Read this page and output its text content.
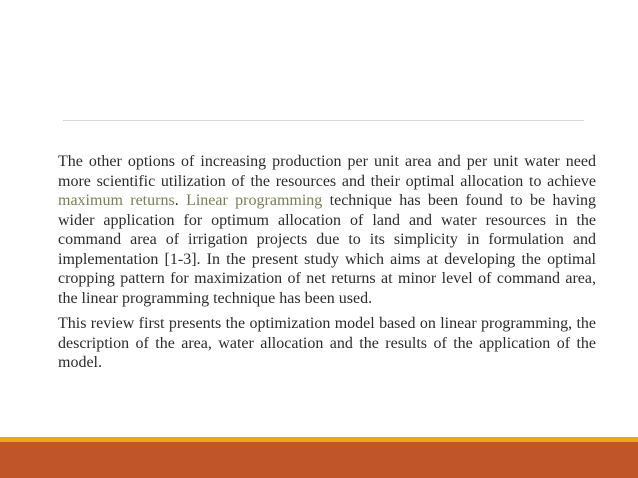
The other options of increasing production per unit area and per unit water need more scientific utilization of the resources and their optimal allocation to achieve maximum returns. Linear programming technique has been found to be having wider application for optimum allocation of land and water resources in the command area of irrigation projects due to its simplicity in formulation and implementation [1-3]. In the present study which aims at developing the optimal cropping pattern for maximization of net returns at minor level of command area, the linear programming technique has been used.

This review first presents the optimization model based on linear programming, the description of the area, water allocation and the results of the application of the model.
